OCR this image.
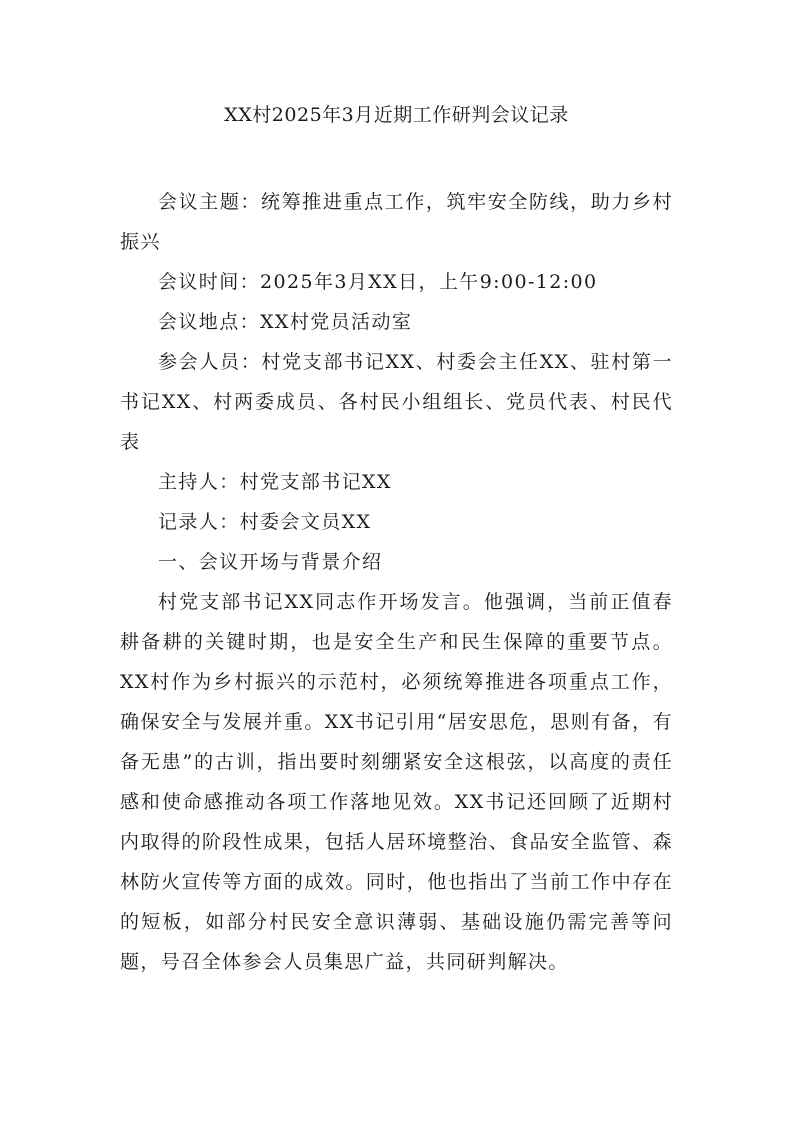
XX村2025年3月近期工作研判会议记录

会议主题：统筹推进重点工作，筑牢安全防线，助力乡村振兴

会议时间：2025年3月XX日，上午9:00-12:00

会议地点：XX村党员活动室

参会人员：村党支部书记XX、村委会主任XX、驻村第一书记XX、村两委成员、各村民小组组长、党员代表、村民代表

主持人：村党支部书记XX

记录人：村委会文员XX

一、会议开场与背景介绍

村党支部书记XX同志作开场发言。他强调，当前正值春耕备耕的关键时期，也是安全生产和民生保障的重要节点。XX村作为乡村振兴的示范村，必须统筹推进各项重点工作，确保安全与发展并重。XX书记引用“居安思危，思则有备，有备无患”的古训，指出要时刻绷紧安全这根弦，以高度的责任感和使命感推动各项工作落地见效。XX书记还回顾了近期村内取得的阶段性成果，包括人居环境整治、食品安全监管、森林防火宣传等方面的成效。同时，他也指出了当前工作中存在的短板，如部分村民安全意识薄弱、基础设施仍需完善等问题，号召全体参会人员集思广益，共同研判解决。
